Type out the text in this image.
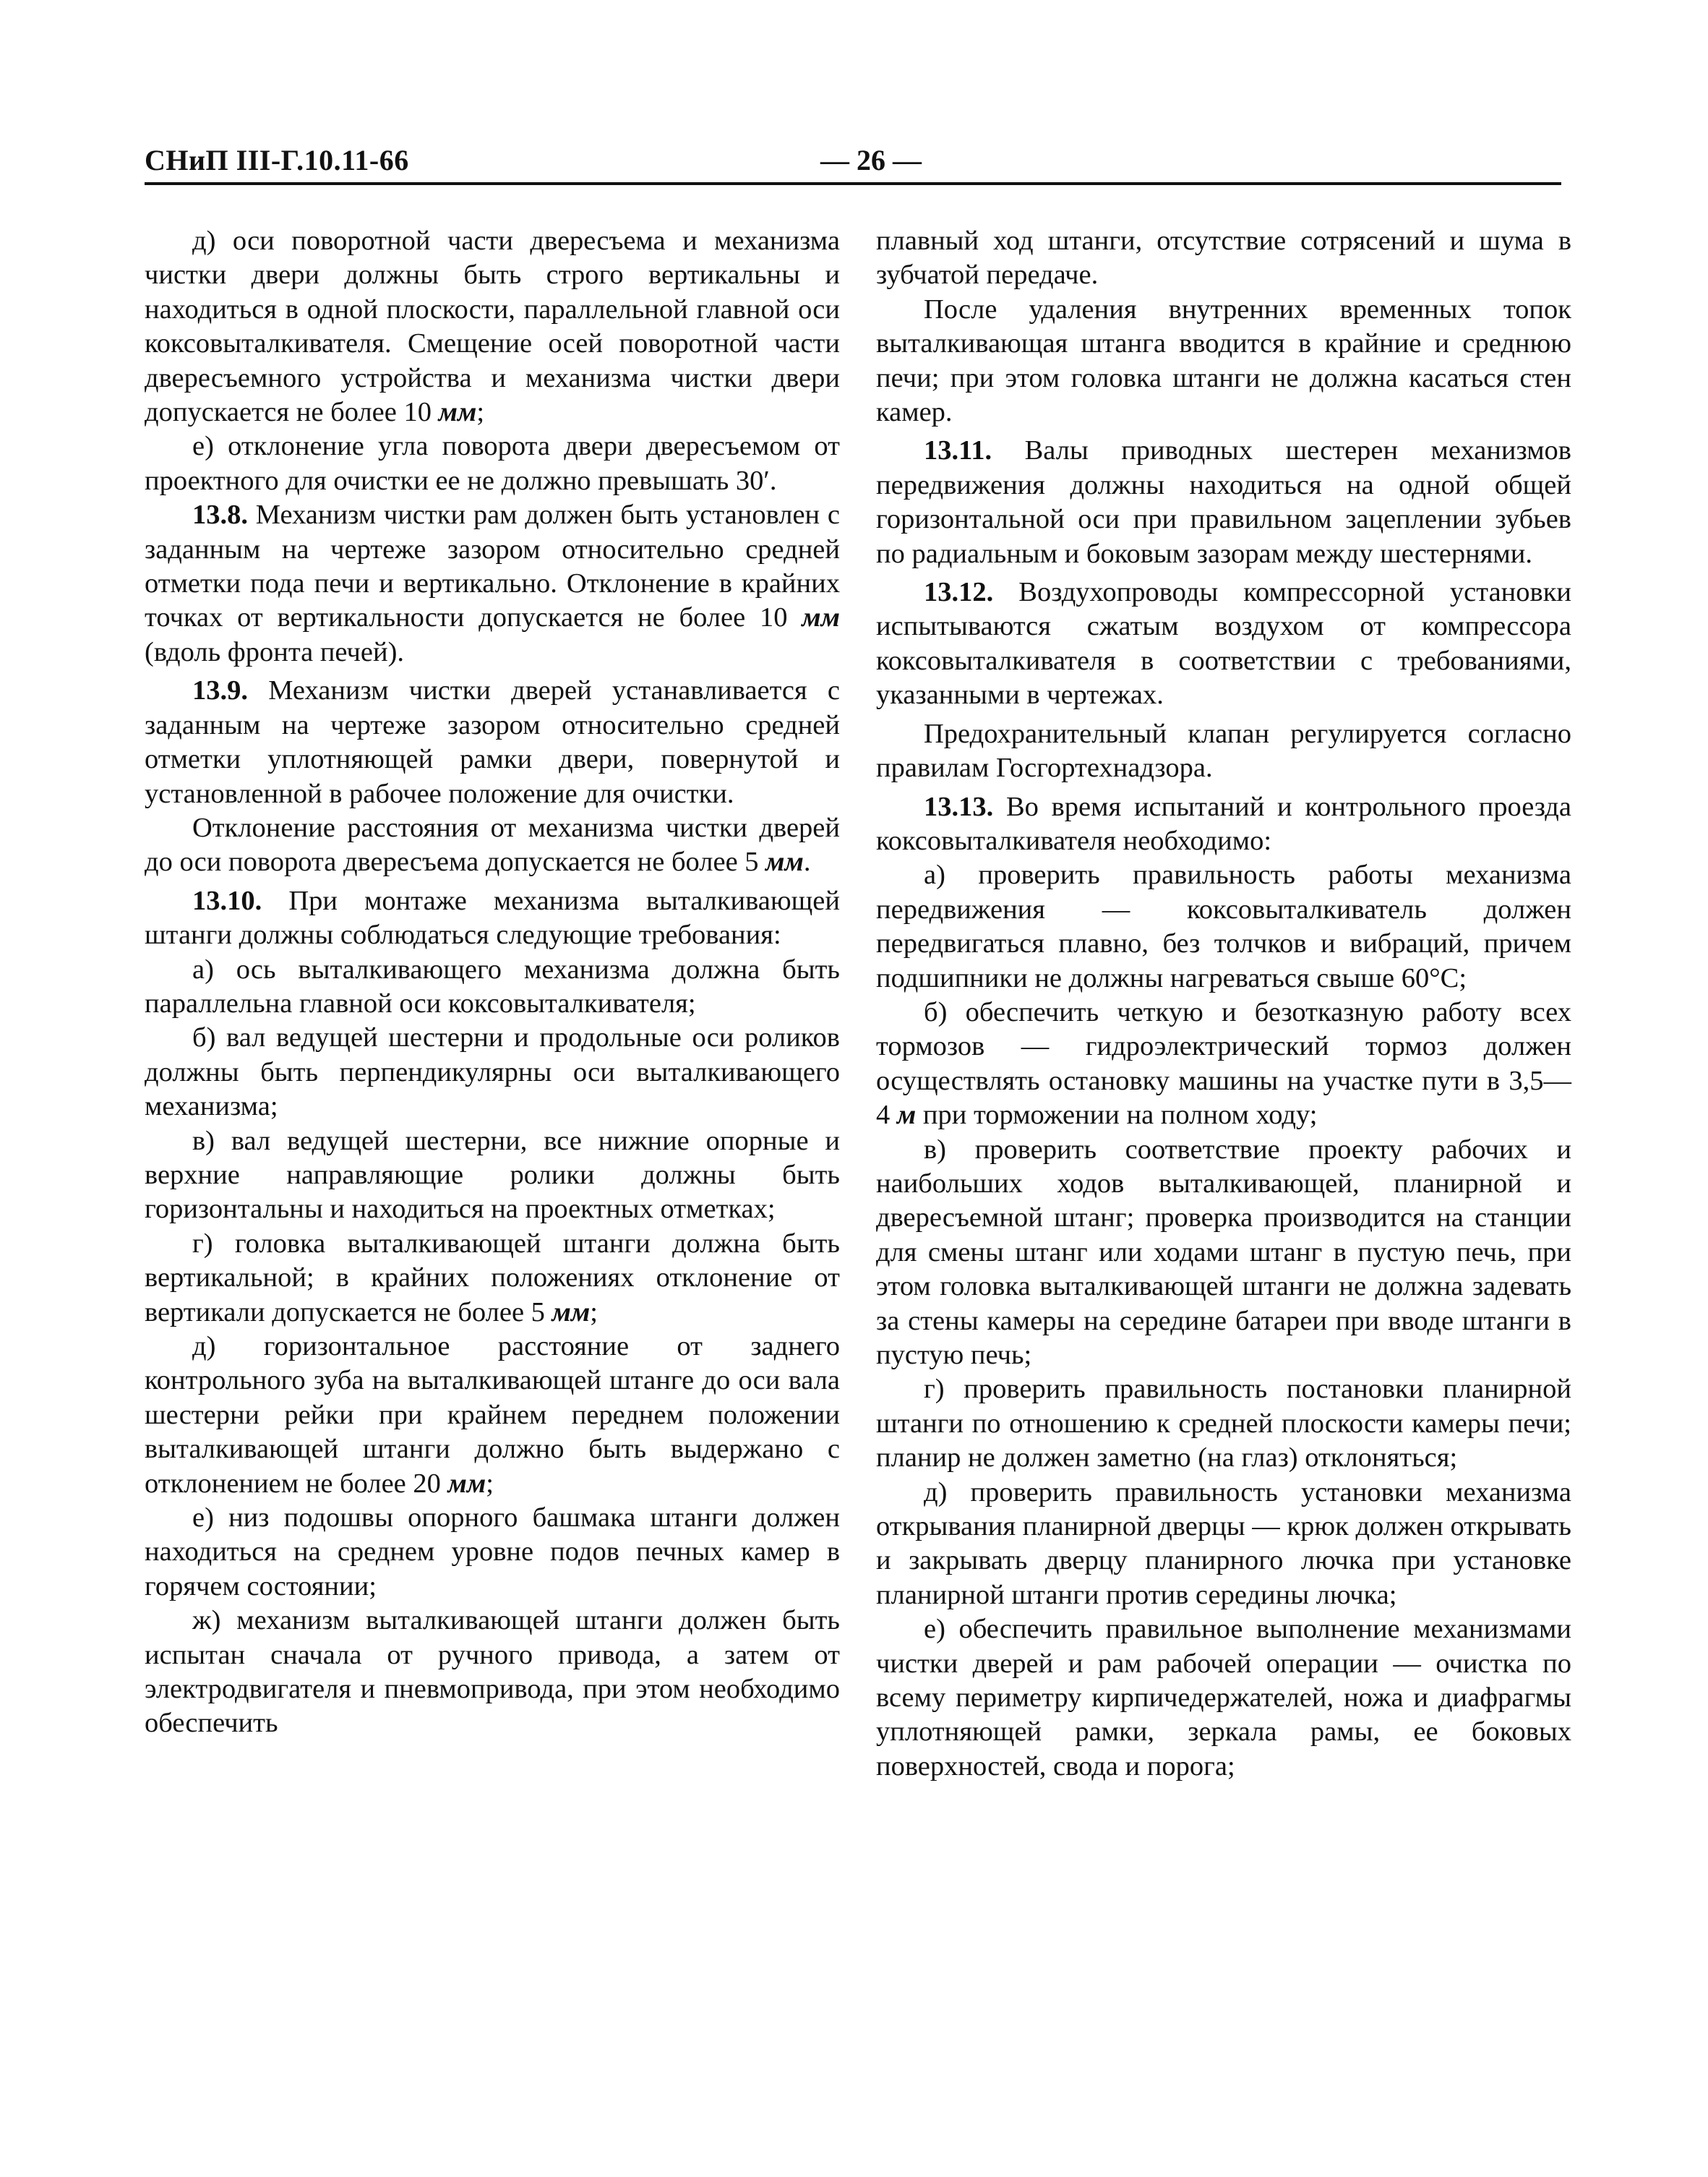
СНиП III-Г.10.11-66	— 26 —

д) оси поворотной части двересъема и механизма чистки двери должны быть строго вертикальны и находиться в одной плоскости, параллельной главной оси коксовыталкивателя. Смещение осей поворотной части двересъемного устройства и механизма чистки двери допускается не более 10 мм;

е) отклонение угла поворота двери двересъемом от проектного для очистки ее не должно превышать 30′.

13.8. Механизм чистки рам должен быть установлен с заданным на чертеже зазором относительно средней отметки пода печи и вертикально. Отклонение в крайних точках от вертикальности допускается не более 10 мм (вдоль фронта печей).

13.9. Механизм чистки дверей устанавливается с заданным на чертеже зазором относительно средней отметки уплотняющей рамки двери, повернутой и установленной в рабочее положение для очистки.

Отклонение расстояния от механизма чистки дверей до оси поворота двересъема допускается не более 5 мм.

13.10. При монтаже механизма выталкивающей штанги должны соблюдаться следующие требования:

а) ось выталкивающего механизма должна быть параллельна главной оси коксовыталкивателя;

б) вал ведущей шестерни и продольные оси роликов должны быть перпендикулярны оси выталкивающего механизма;

в) вал ведущей шестерни, все нижние опорные и верхние направляющие ролики должны быть горизонтальны и находиться на проектных отметках;

г) головка выталкивающей штанги должна быть вертикальной; в крайних положениях отклонение от вертикали допускается не более 5 мм;

д) горизонтальное расстояние от заднего контрольного зуба на выталкивающей штанге до оси вала шестерни рейки при крайнем переднем положении выталкивающей штанги должно быть выдержано с отклонением не более 20 мм;

е) низ подошвы опорного башмака штанги должен находиться на среднем уровне подов печных камер в горячем состоянии;

ж) механизм выталкивающей штанги должен быть испытан сначала от ручного привода, а затем от электродвигателя и пневмопривода, при этом необходимо обеспечить

плавный ход штанги, отсутствие сотрясений и шума в зубчатой передаче.

После удаления внутренних временных топок выталкивающая штанга вводится в крайние и среднюю печи; при этом головка штанги не должна касаться стен камер.

13.11. Валы приводных шестерен механизмов передвижения должны находиться на одной общей горизонтальной оси при правильном зацеплении зубьев по радиальным и боковым зазорам между шестернями.

13.12. Воздухопроводы компрессорной установки испытываются сжатым воздухом от компрессора коксовыталкивателя в соответствии с требованиями, указанными в чертежах.

Предохранительный клапан регулируется согласно правилам Госгортехнадзора.

13.13. Во время испытаний и контрольного проезда коксовыталкивателя необходимо:

а) проверить правильность работы механизма передвижения — коксовыталкиватель должен передвигаться плавно, без толчков и вибраций, причем подшипники не должны нагреваться свыше 60°С;

б) обеспечить четкую и безотказную работу всех тормозов — гидроэлектрический тормоз должен осуществлять остановку машины на участке пути в 3,5—4 м при торможении на полном ходу;

в) проверить соответствие проекту рабочих и наибольших ходов выталкивающей, планирной и двересъемной штанг; проверка производится на станции для смены штанг или ходами штанг в пустую печь, при этом головка выталкивающей штанги не должна задевать за стены камеры на середине батареи при вводе штанги в пустую печь;

г) проверить правильность постановки планирной штанги по отношению к средней плоскости камеры печи; планир не должен заметно (на глаз) отклоняться;

д) проверить правильность установки механизма открывания планирной дверцы — крюк должен открывать и закрывать дверцу планирного лючка при установке планирной штанги против середины лючка;

е) обеспечить правильное выполнение механизмами чистки дверей и рам рабочей операции — очистка по всему периметру кирпичедержателей, ножа и диафрагмы уплотняющей рамки, зеркала рамы, ее боковых поверхностей, свода и порога;
